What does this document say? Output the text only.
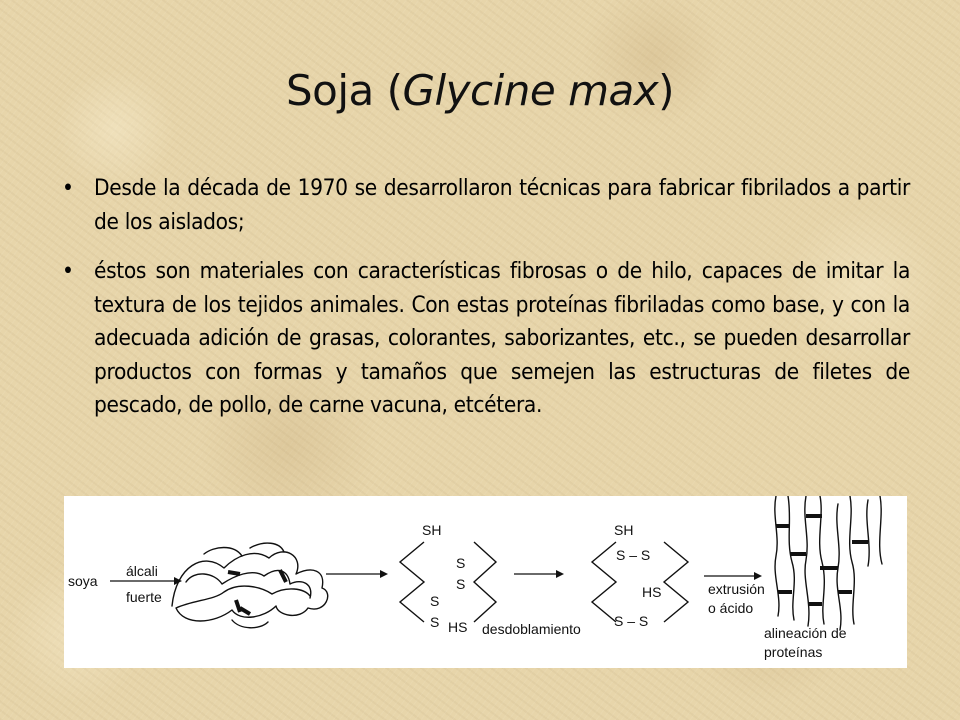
Soja (Glycine max)
• Desde la década de 1970 se desarrollaron técnicas para fabricar fibrilados a partir de los aislados;
• éstos son materiales con características fibrosas o de hilo, capaces de imitar la textura de los tejidos animales. Con estas proteínas fibriladas como base, y con la adecuada adición de grasas, colorantes, saborizantes, etc., se pueden desarrollar productos con formas y tamaños que semejen las estructuras de filetes de pescado, de pollo, de carne vacuna, etcétera.
soya
álcali
fuerte
SH
S
S
S
S HS desdoblamiento
SH
S – S
HS
S – S
extrusión
o ácido
alineación de
proteínas
